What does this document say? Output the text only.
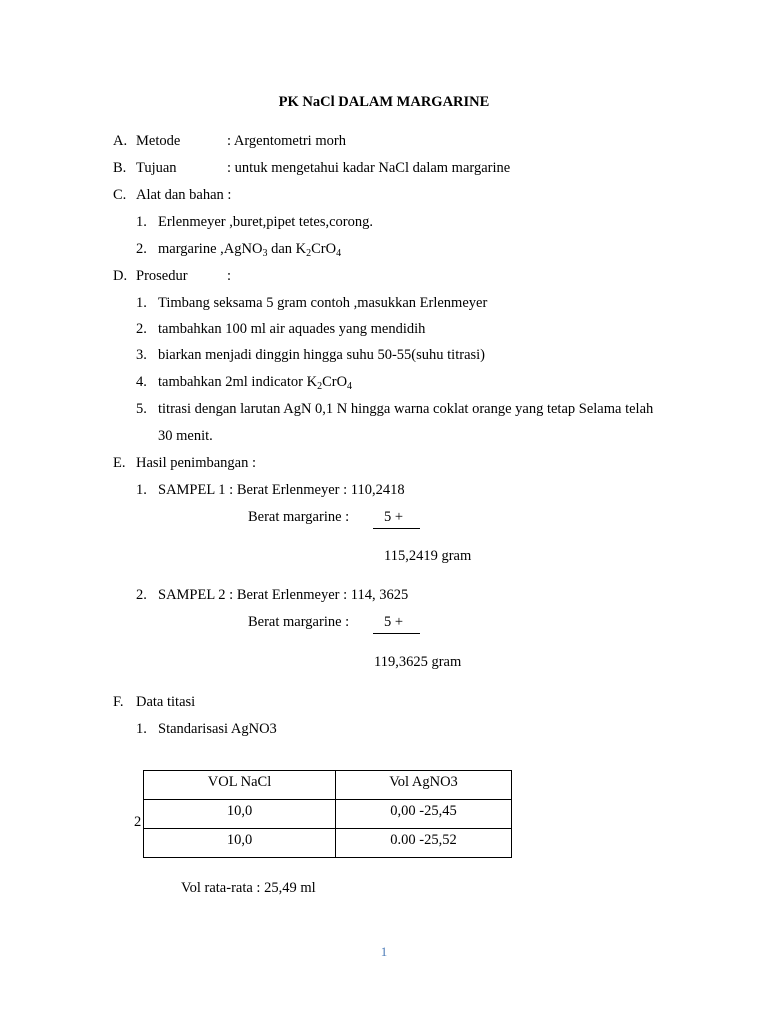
PK NaCl DALAM MARGARINE
A. Metode	: Argentometri morh
B. Tujuan	: untuk mengetahui kadar NaCl dalam margarine
C. Alat dan bahan :
1. Erlenmeyer ,buret,pipet tetes,corong.
2. margarine ,AgNO$_3$ dan $K_2CrO_4$
D. Prosedur	:
1. Timbang seksama 5 gram contoh ,masukkan Erlenmeyer
2. tambahkan 100 ml air aquades yang mendidih
3. biarkan menjadi dinggin hingga suhu 50-55(suhu titrasi)
4. tambahkan 2ml indicator $K_2CrO_4$
5. titrasi dengan larutan AgN 0,1 N hingga warna coklat orange yang tetap Selama telah
30 menit.
E. Hasil penimbangan :
1. SAMPEL 1 : Berat Erlenmeyer : 110,2418
Berat margarine : 5 +
115,2419 gram
2. SAMPEL 2 : Berat Erlenmeyer : 114, 3625
Berat margarine : 5 +
119,3625 gram
F. Data titasi
1. Standarisasi AgNO3
2
VOL NaCl	Vol AgNO3
10,0	0,00 -25,45
10,0	0.00 -25,52
Vol rata-rata : 25,49 ml
1
